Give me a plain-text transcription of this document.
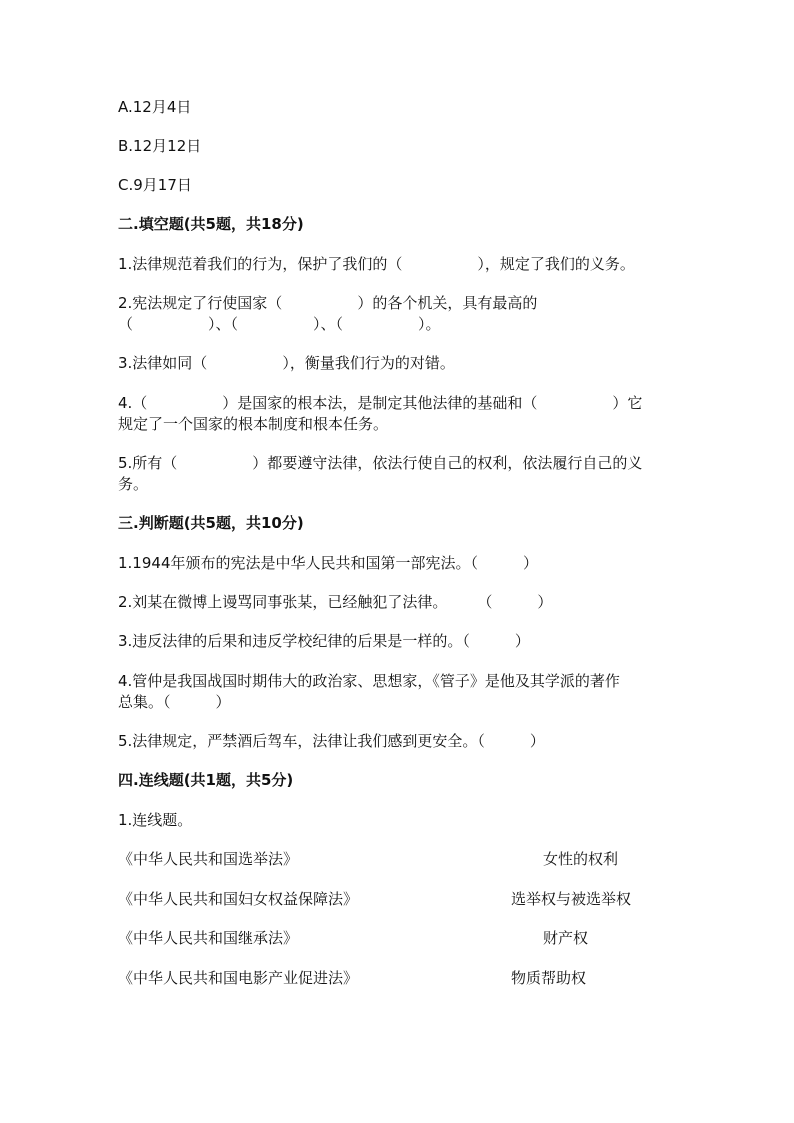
A.12月4日
B.12月12日
C.9月17日
二.填空题(共5题，共18分)
1.法律规范着我们的行为，保护了我们的（　　　　　），规定了我们的义务。
2.宪法规定了行使国家（　　　　　）的各个机关，具有最高的
（　　　　　）、（　　　　　）、（　　　　　）。
3.法律如同（　　　　　），衡量我们行为的对错。
4.（　　　　　）是国家的根本法，是制定其他法律的基础和（　　　　　）它
规定了一个国家的根本制度和根本任务。
5.所有（　　　　　）都要遵守法律，依法行使自己的权利，依法履行自己的义
务。
三.判断题(共5题，共10分)
1.1944年颁布的宪法是中华人民共和国第一部宪法。（　　　）
2.刘某在微博上谩骂同事张某，已经触犯了法律。　　　（　　　）
3.违反法律的后果和违反学校纪律的后果是一样的。（　　　）
4.管仲是我国战国时期伟大的政治家、思想家，《管子》是他及其学派的著作
总集。（　　　）
5.法律规定，严禁酒后驾车，法律让我们感到更安全。（　　　）
四.连线题(共1题，共5分)
1.连线题。
《中华人民共和国选举法》
《中华人民共和国妇女权益保障法》
《中华人民共和国继承法》
《中华人民共和国电影产业促进法》
女性的权利
选举权与被选举权
财产权
物质帮助权
